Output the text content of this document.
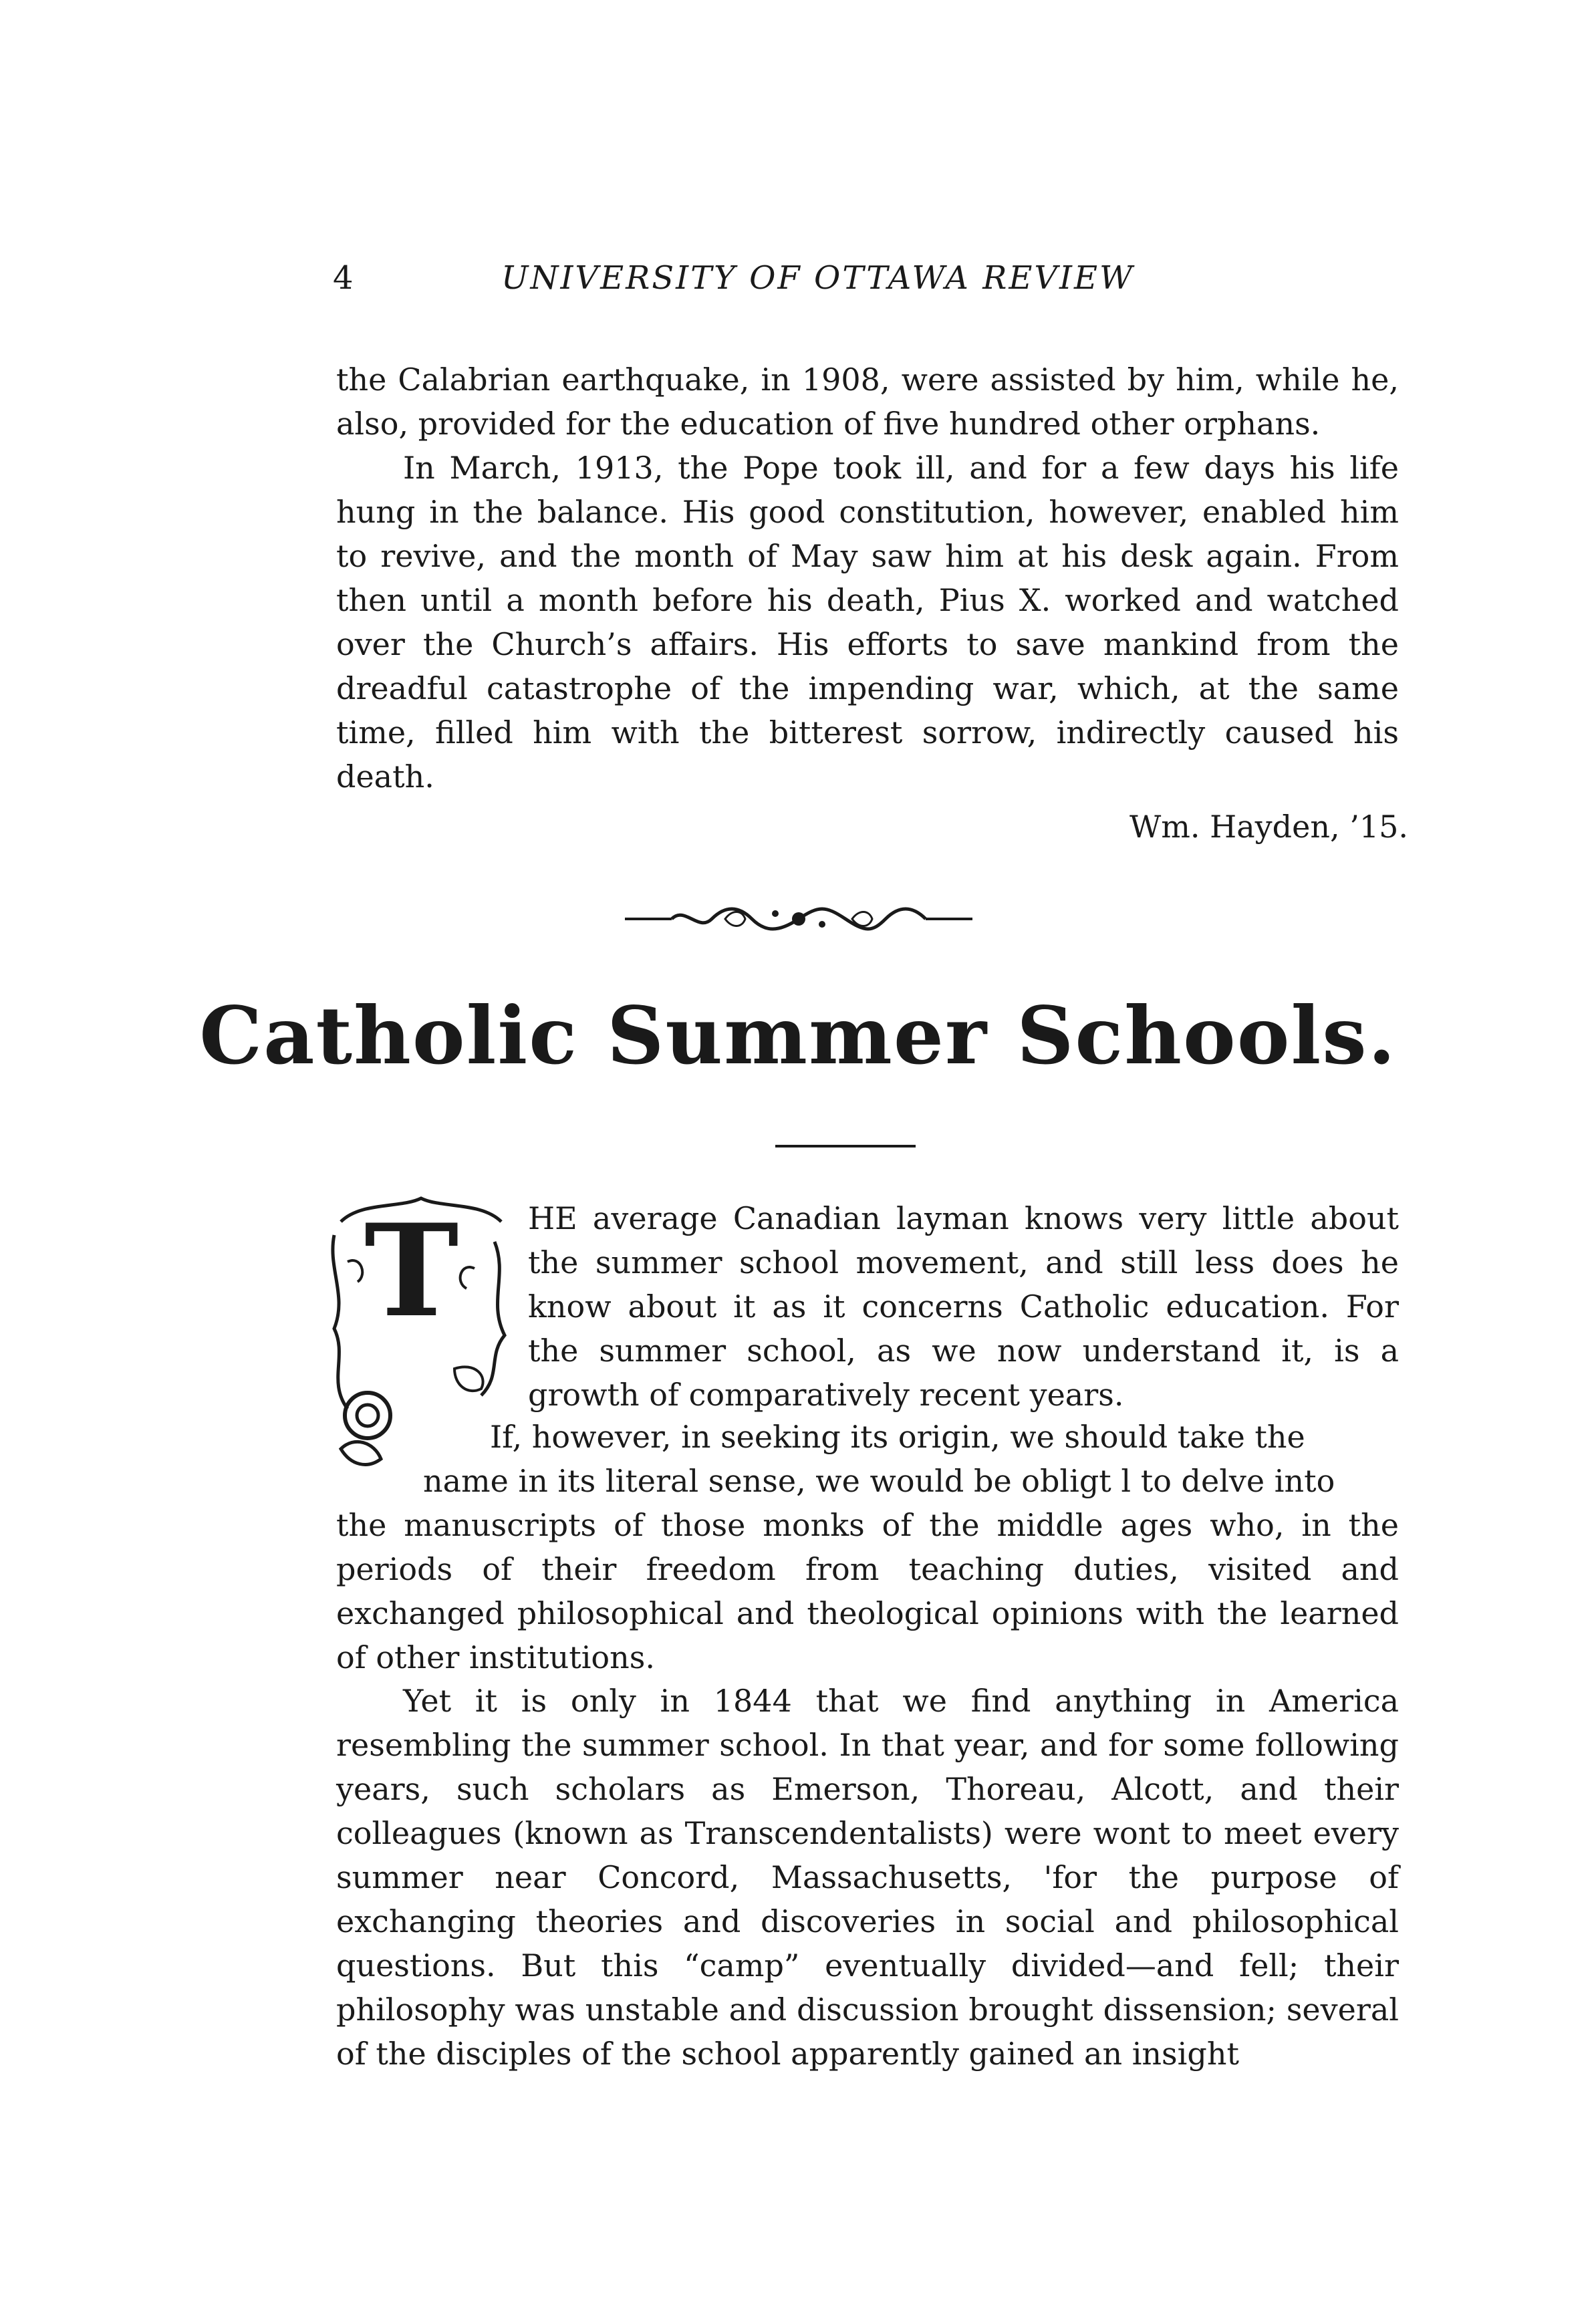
4	UNIVERSITY OF OTTAWA REVIEW

the Calabrian earthquake, in 1908, were assisted by him, while he, also, provided for the education of five hundred other orphans.

In March, 1913, the Pope took ill, and for a few days his life hung in the balance. His good constitution, however, enabled him to revive, and the month of May saw him at his desk again. From then until a month before his death, Pius X. worked and watched over the Church’s affairs. His efforts to save mankind from the dreadful catastrophe of the impending war, which, at the same time, filled him with the bitterest sorrow, indirectly caused his death.

Wm. Hayden, ’15.
Catholic Summer Schools.
T HE average Canadian layman knows very little about the summer school movement, and still less does he know about it as it concerns Catholic education. For the summer school, as we now understand it, is a growth of comparatively recent years.

If, however, in seeking its origin, we should take the
name in its literal sense, we would be obligt l to delve into
the manuscripts of those monks of the middle ages who, in the periods of their freedom from teaching duties, visited and exchanged philosophical and theological opinions with the learned of other institutions.

Yet it is only in 1844 that we find anything in America resembling the summer school. In that year, and for some following years, such scholars as Emerson, Thoreau, Alcott, and their colleagues (known as Transcendentalists) were wont to meet every summer near Concord, Massachusetts, 'for the purpose of exchanging theories and discoveries in social and philosophical questions. But this “camp” eventually divided—and fell; their philosophy was unstable and discussion brought dissension; several of the disciples of the school apparently gained an insight
